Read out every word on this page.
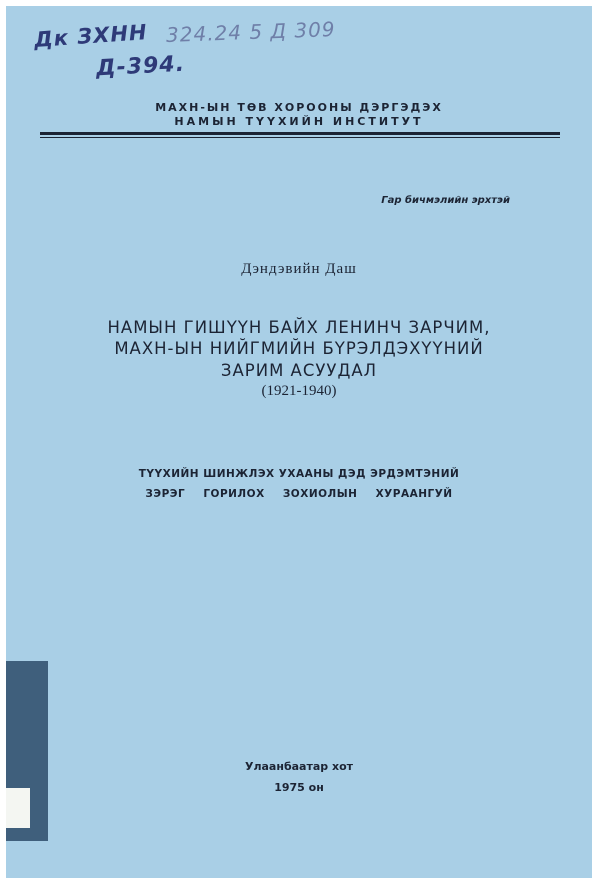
Дк ЗХНН 324.24 5 Д 309
Д-394.
МАХН-ЫН ТӨВ ХОРООНЫ ДЭРГЭДЭХ
НАМЫН ТҮҮХИЙН ИНСТИТУТ
Гар бичмэлийн эрхтэй
Дэндэвийн Даш
НАМЫН ГИШҮҮН БАЙХ ЛЕНИНЧ ЗАРЧИМ,
МАХН-ЫН НИЙГМИЙН БҮРЭЛДЭХҮҮНИЙ
ЗАРИМ АСУУДАЛ
(1921-1940)
ТҮҮХИЙН ШИНЖЛЭХ УХААНЫ ДЭД ЭРДЭМТЭНИЙ
ЗЭРЭГ ГОРИЛОХ ЗОХИОЛЫН ХУРААНГУЙ
Улаанбаатар хот
1975 он
